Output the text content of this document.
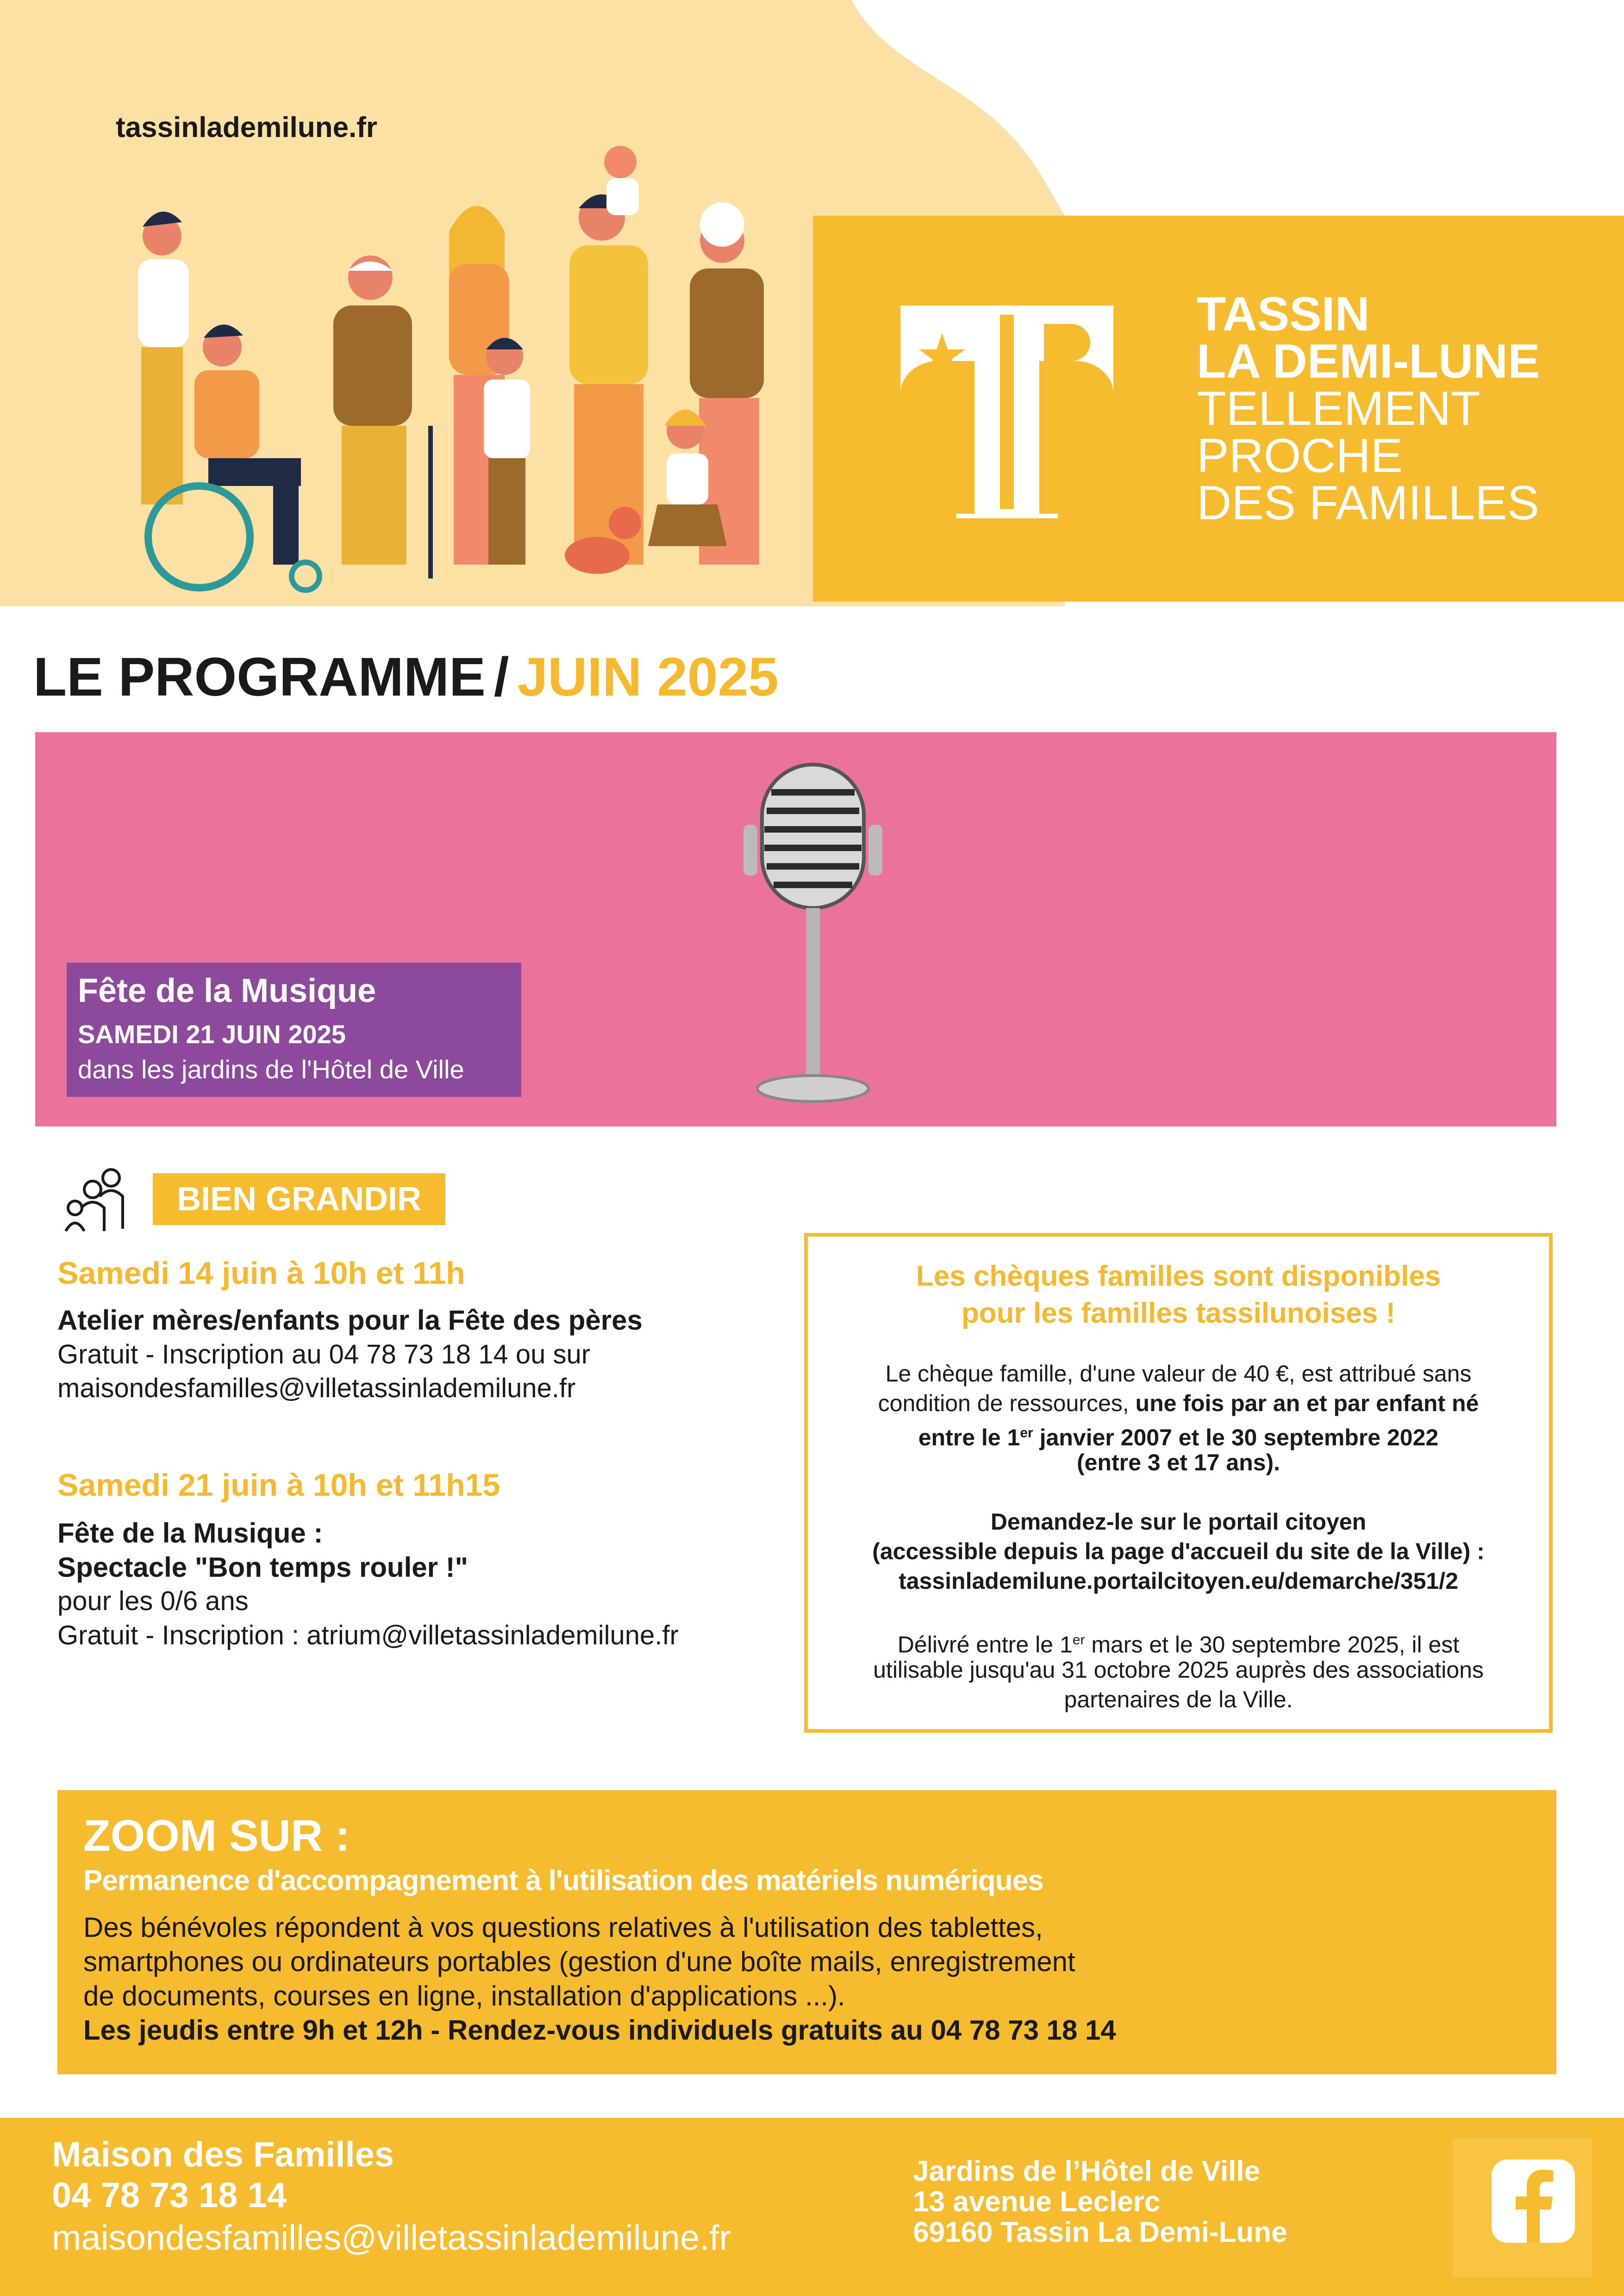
tassinlademilune.fr
TASSIN
LA DEMI-LUNE
TELLEMENT
PROCHE
DES FAMILLES
LE PROGRAMME / JUIN 2025
Fête de la Musique
SAMEDI 21 JUIN 2025
dans les jardins de l'Hôtel de Ville
BIEN GRANDIR
Samedi 14 juin à 10h et 11h
Atelier mères/enfants pour la Fête des pères
Gratuit - Inscription au 04 78 73 18 14 ou sur
maisondesfamilles@villetassinlademilune.fr
Samedi 21 juin à 10h et 11h15
Fête de la Musique :
Spectacle "Bon temps rouler !"
pour les 0/6 ans
Gratuit - Inscription : atrium@villetassinlademilune.fr
Les chèques familles sont disponibles
pour les familles tassilunoises !
Le chèque famille, d'une valeur de 40 €, est attribué sans
condition de ressources, une fois par an et par enfant né
entre le 1er janvier 2007 et le 30 septembre 2022
(entre 3 et 17 ans).
Demandez-le sur le portail citoyen
(accessible depuis la page d'accueil du site de la Ville) :
tassinlademilune.portailcitoyen.eu/demarche/351/2
Délivré entre le 1er mars et le 30 septembre 2025, il est
utilisable jusqu'au 31 octobre 2025 auprès des associations
partenaires de la Ville.
ZOOM SUR :
Permanence d'accompagnement à l'utilisation des matériels numériques
Des bénévoles répondent à vos questions relatives à l'utilisation des tablettes,
smartphones ou ordinateurs portables (gestion d'une boîte mails, enregistrement
de documents, courses en ligne, installation d'applications ...).
Les jeudis entre 9h et 12h - Rendez-vous individuels gratuits au 04 78 73 18 14
Maison des Familles
04 78 73 18 14
maisondesfamilles@villetassinlademilune.fr
Jardins de l’Hôtel de Ville
13 avenue Leclerc
69160 Tassin La Demi-Lune
